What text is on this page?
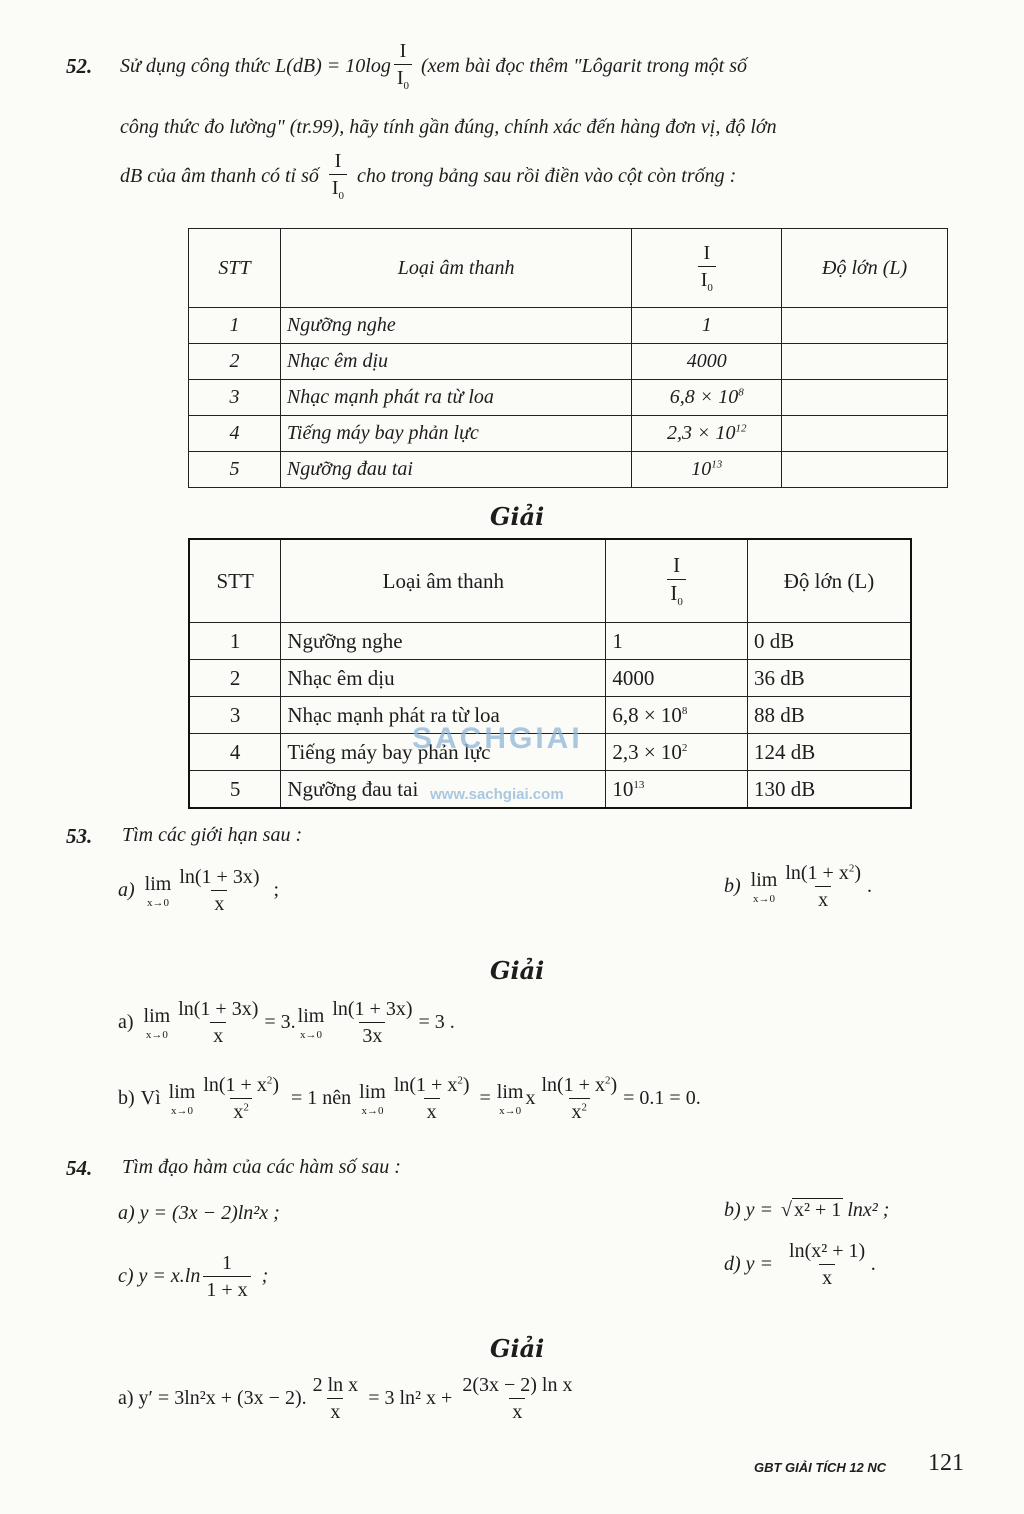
52. Sử dụng công thức $L(dB) = 10\log \frac{I}{I_0} (xem$ bài đọc thêm "Lôgarit trong một số
công thức đo lường" (tr.99), hãy tính gần đúng, chính xác đến hàng đơn vị, độ lớn
dB của âm thanh có tỉ số $\frac{I}{I_0}$ cho trong bảng sau rồi điền vào cột còn trống :
STT	Loại âm thanh	$\frac{I}{I_0}$	Độ lớn (L)
1	Ngưỡng nghe	1	
2	Nhạc êm dịu	4000	
3	Nhạc mạnh phát ra từ loa	$6,8 \times 10^8$	
4	Tiếng máy bay phản lực	$2,3 \times 10^{12}$	
5	Ngưỡng đau tai	$10^{13}$	
Giải
STT	Loại âm thanh	$\frac{I}{I_0}$	Độ lớn (L)
1	Ngưỡng nghe	1	0 dB
2	Nhạc êm dịu	4000	36 dB
3	Nhạc mạnh phát ra từ loa	$6,8 \times 10^8$	88 dB
4	Tiếng máy bay phản lực	$2,3 \times 10^2$	124 dB
5	Ngưỡng đau tai	$10^{13}$	130 dB
SACHGIAI
www.sachgiai.com
53. Tìm các giới hạn sau :
a) lim
$x\to 0 \frac{\ln(1 + 3x)}{x}$ ;	b) lim
$x\to 0 \frac{\ln(1 + x^2)}{x}$ .
Giải
a) lim
$x\to 0 \frac{\ln(1 + 3x)}{x} = 3$. lim
$x\to 0 \frac{\ln(1 + 3x)}{3x} = 3$ .
b) Vì lim
$x\to 0 \frac{\ln(1 + x^2)}{x^2} = 1$ nên lim
$x\to 0 \frac{\ln(1 + x^2)}{x} = \lim$
x→0
x $\frac{\ln(1 + x^2)}{x^2} = 0.1 = 0$.
54. Tìm đạo hàm của các hàm số sau :
a) y = (3x − 2)ln²x ;	b) y = √ x² + 1 lnx² ;
c) $y = x.\ln \frac{1}{1 + x}$ ;
d) $y = \frac{\text{ln(x² + 1)}}{x}$ .
Giải
a) y′ = 3ln²x + (3x − 2). $\frac{\text{2 ln x}}{x} = 3$ ln² $x + \frac{\text{2(3x − 2) ln x}}{x}$
GBT GIẢI TÍCH 12 NC 121
